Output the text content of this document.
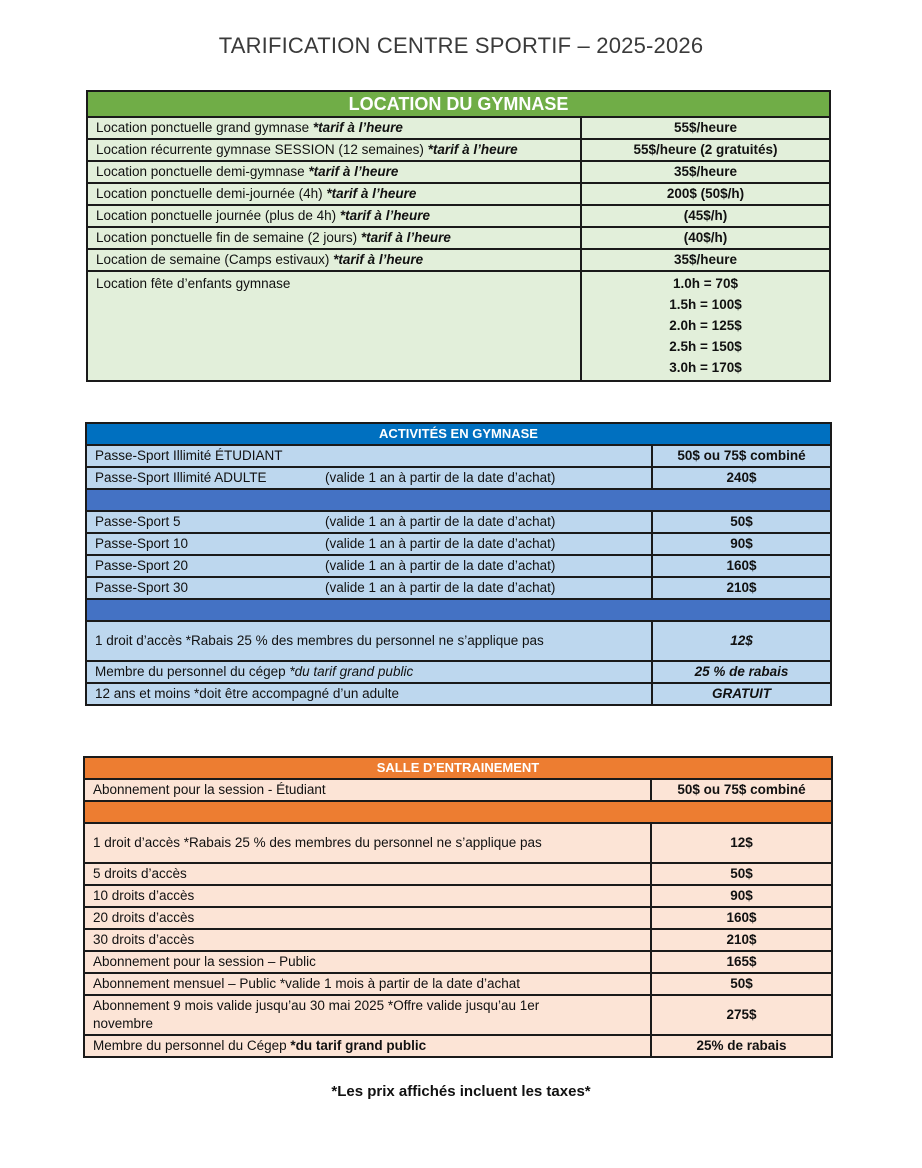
TARIFICATION CENTRE SPORTIF – 2025-2026
LOCATION DU GYMNASE	
Location ponctuelle grand gymnase *tarif à l’heure	55$/heure
Location récurrente gymnase SESSION (12 semaines) *tarif à l’heure	55$/heure (2 gratuités)
Location ponctuelle demi-gymnase *tarif à l’heure	35$/heure
Location ponctuelle demi-journée (4h) *tarif à l’heure	200$ (50$/h)
Location ponctuelle journée (plus de 4h) *tarif à l’heure	(45$/h)
Location ponctuelle fin de semaine (2 jours) *tarif à l’heure	(40$/h)
Location de semaine (Camps estivaux) *tarif à l’heure	35$/heure
Location fête d’enfants gymnase	1.0h = 70$
1.5h = 100$
2.0h = 125$
2.5h = 150$
3.0h = 170$
ACTIVITÉS EN GYMNASE	
Passe-Sport Illimité ÉTUDIANT	50$ ou 75$ combiné
Passe-Sport Illimité ADULTE (valide 1 an à partir de la date d’achat)	240$

Passe-Sport 5 (valide 1 an à partir de la date d’achat)	50$
Passe-Sport 10 (valide 1 an à partir de la date d’achat)	90$
Passe-Sport 20 (valide 1 an à partir de la date d’achat)	160$
Passe-Sport 30 (valide 1 an à partir de la date d’achat)	210$

1 droit d’accès *Rabais 25 % des membres du personnel ne s’applique pas	12$
Membre du personnel du cégep *du tarif grand public	25 % de rabais
12 ans et moins *doit être accompagné d’un adulte	GRATUIT
SALLE D’ENTRAINEMENT	
Abonnement pour la session - Étudiant	50$ ou 75$ combiné

1 droit d’accès *Rabais 25 % des membres du personnel ne s’applique pas	12$
5 droits d’accès	50$
10 droits d’accès	90$
20 droits d’accès	160$
30 droits d’accès	210$
Abonnement pour la session – Public	165$
Abonnement mensuel – Public *valide 1 mois à partir de la date d’achat	50$
Abonnement 9 mois valide jusqu’au 30 mai 2025 *Offre valide jusqu’au 1er novembre	275$
Membre du personnel du Cégep *du tarif grand public	25% de rabais
*Les prix affichés incluent les taxes*
